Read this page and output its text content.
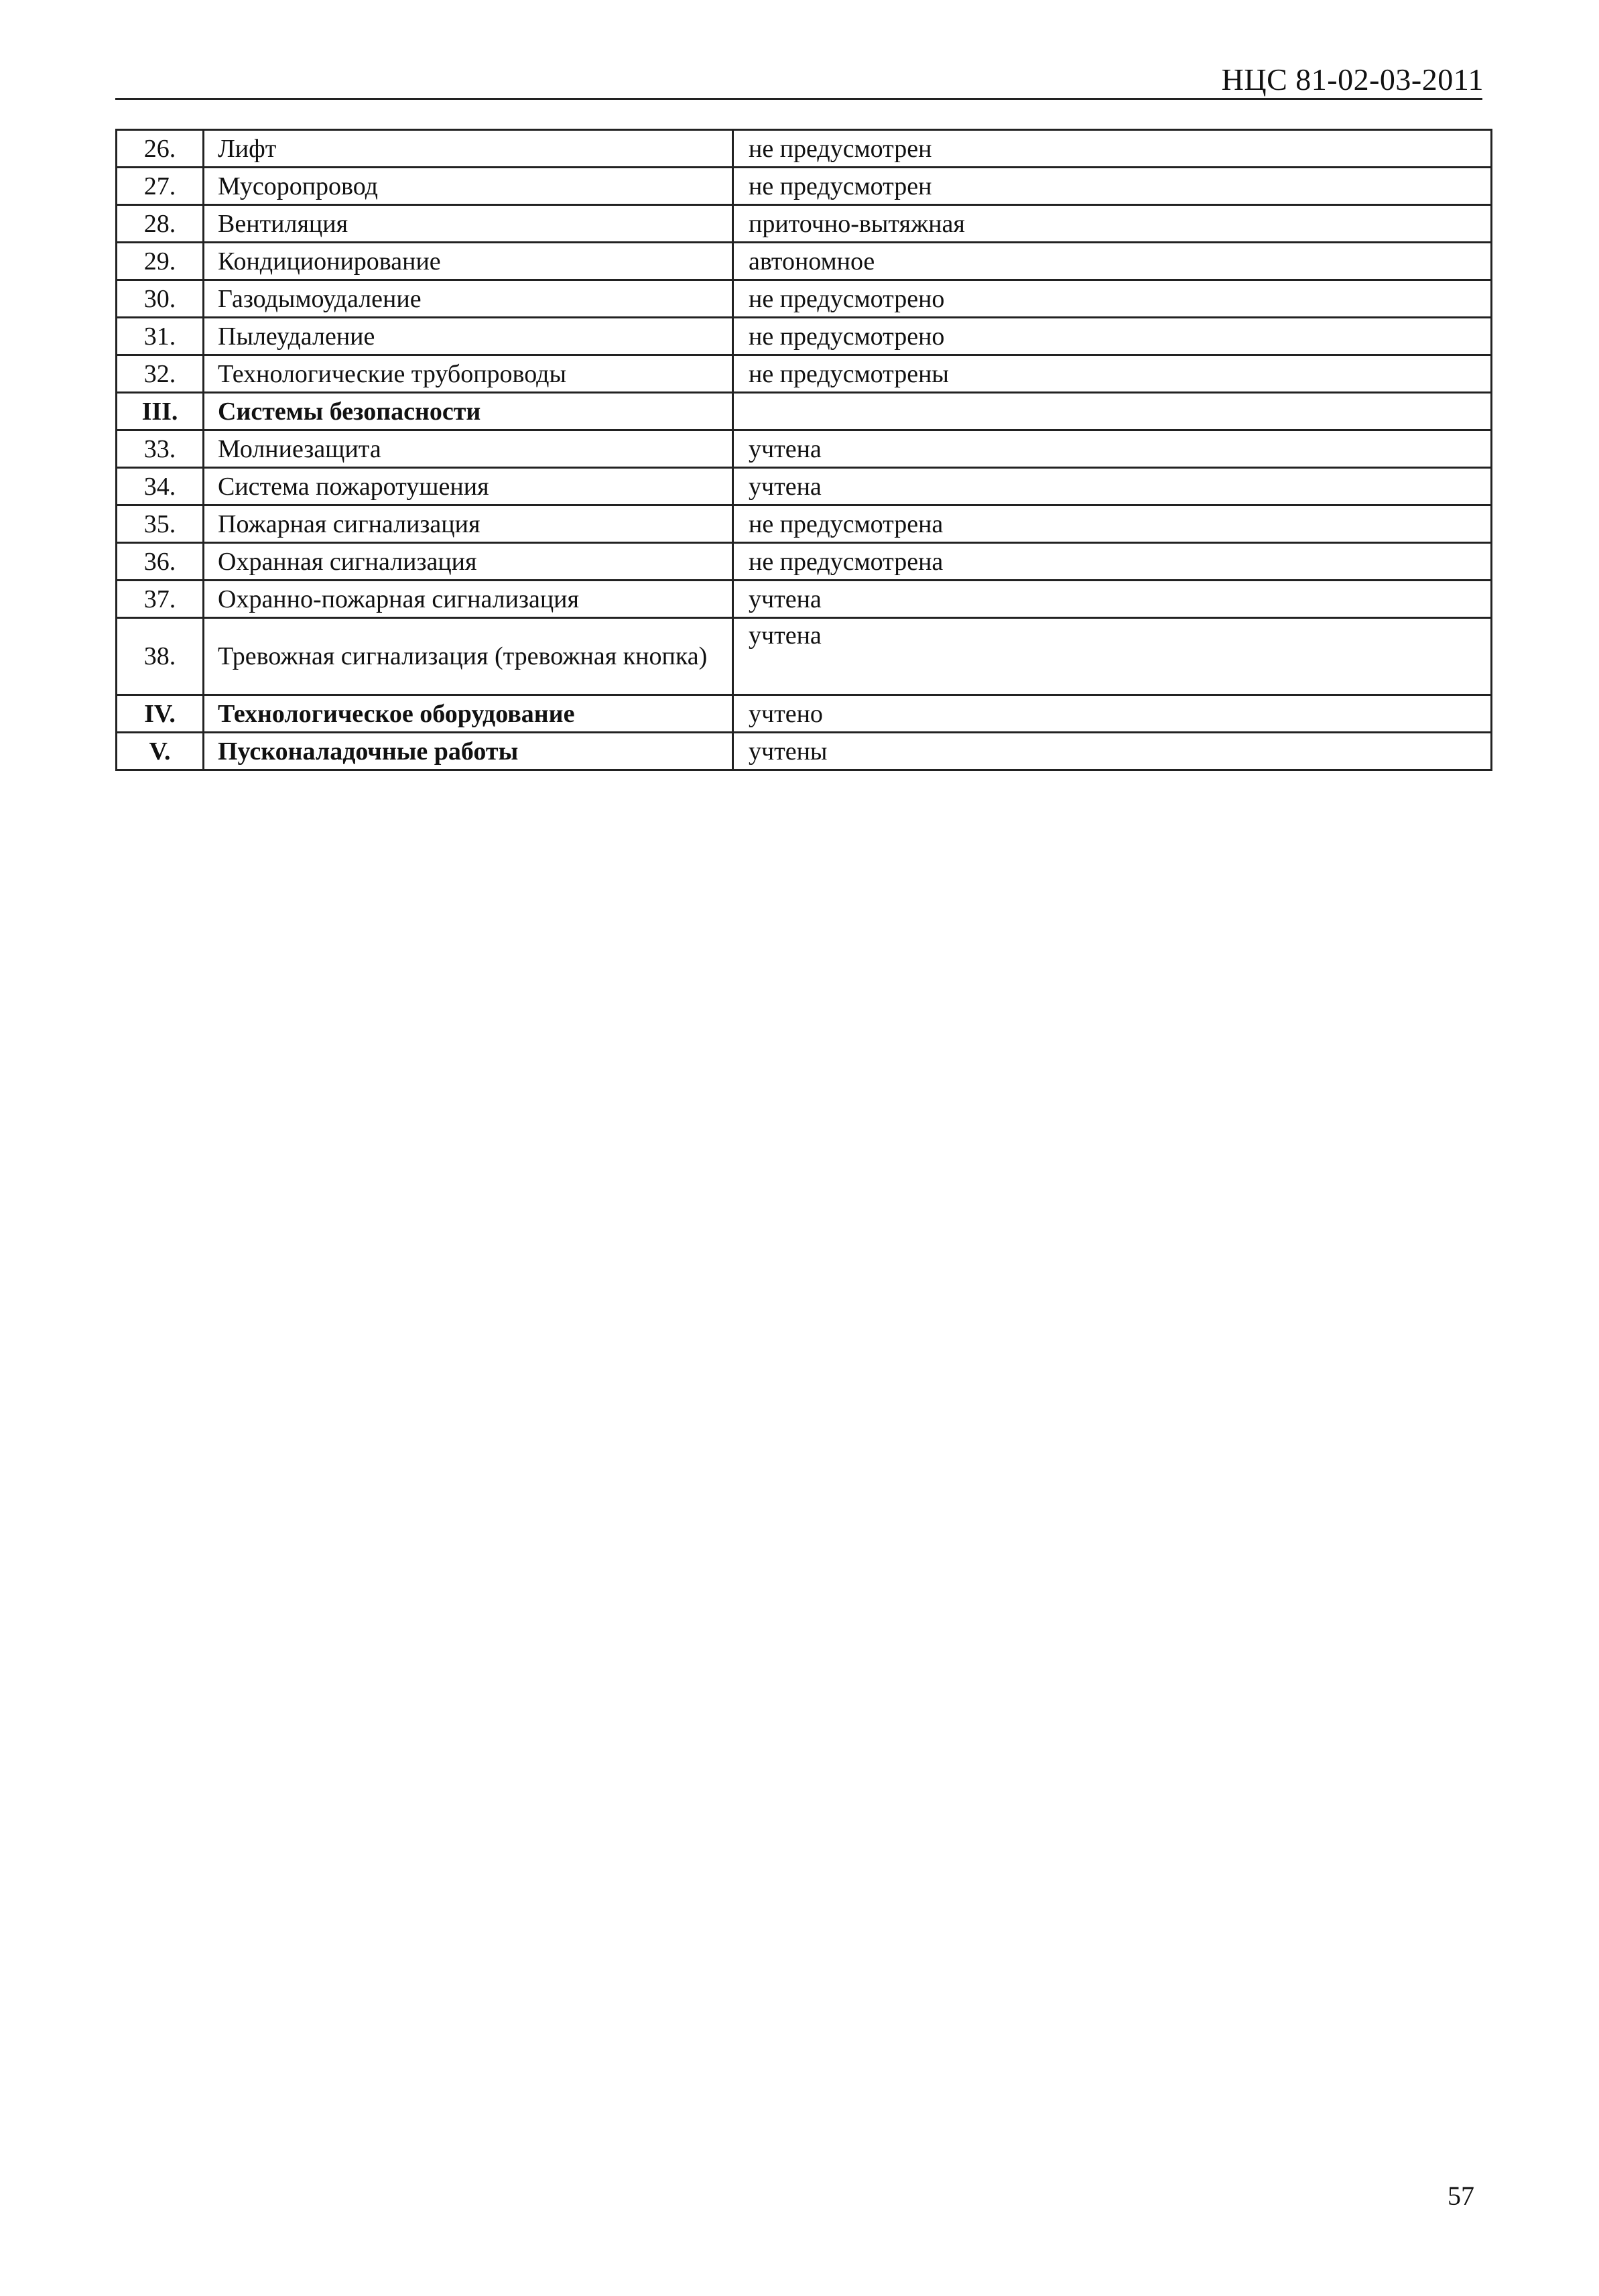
НЦС 81-02-03-2011
26.	Лифт	не предусмотрен
27.	Мусоропровод	не предусмотрен
28.	Вентиляция	приточно-вытяжная
29.	Кондиционирование	автономное
30.	Газодымоудаление	не предусмотрено
31.	Пылеудаление	не предусмотрено
32.	Технологические трубопроводы	не предусмотрены
III.	Системы безопасности	
33.	Молниезащита	учтена
34.	Система пожаротушения	учтена
35.	Пожарная сигнализация	не предусмотрена
36.	Охранная сигнализация	не предусмотрена
37.	Охранно-пожарная сигнализация	учтена
38.	Тревожная сигнализация (тревожная кнопка)	учтена
IV.	Технологическое оборудование	учтено
V.	Пусконаладочные работы	учтены
57
